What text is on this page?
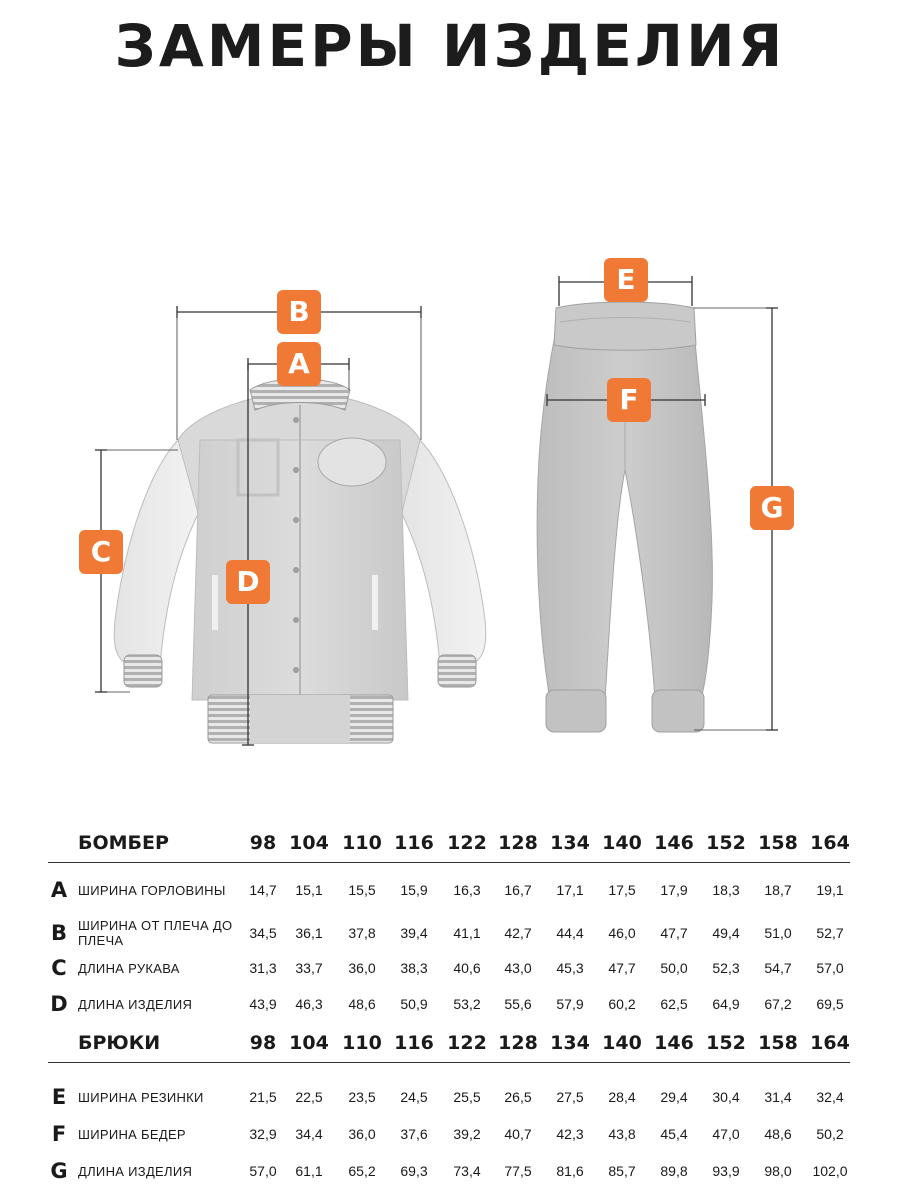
ЗАМЕРЫ ИЗДЕЛИЯ
B
A
C
D
E
F
G
БОМБЕР	98 104 110 116 122 128 134 140 146 152 158 164
A ШИРИНА ГОРЛОВИНЫ	14,7	15,1	15,5	15,9	16,3	16,7	17,1	17,5	17,9	18,3	18,7	19,1
B ШИРИНА ОТ ПЛЕЧА ДО ПЛЕЧА	34,5	36,1	37,8	39,4	41,1	42,7	44,4	46,0	47,7	49,4	51,0	52,7
C ДЛИНА РУКАВА	31,3	33,7	36,0	38,3	40,6	43,0	45,3	47,7	50,0	52,3	54,7	57,0
D ДЛИНА ИЗДЕЛИЯ	43,9	46,3	48,6	50,9	53,2	55,6	57,9	60,2	62,5	64,9	67,2	69,5
БРЮКИ	98 104 110 116 122 128 134 140 146 152 158 164
E ШИРИНА РЕЗИНКИ	21,5	22,5	23,5	24,5	25,5	26,5	27,5	28,4	29,4	30,4	31,4	32,4
F ШИРИНА БЕДЕР	32,9	34,4	36,0	37,6	39,2	40,7	42,3	43,8	45,4	47,0	48,6	50,2
G ДЛИНА ИЗДЕЛИЯ	57,0	61,1	65,2	69,3	73,4	77,5	81,6	85,7	89,8	93,9	98,0	102,0
